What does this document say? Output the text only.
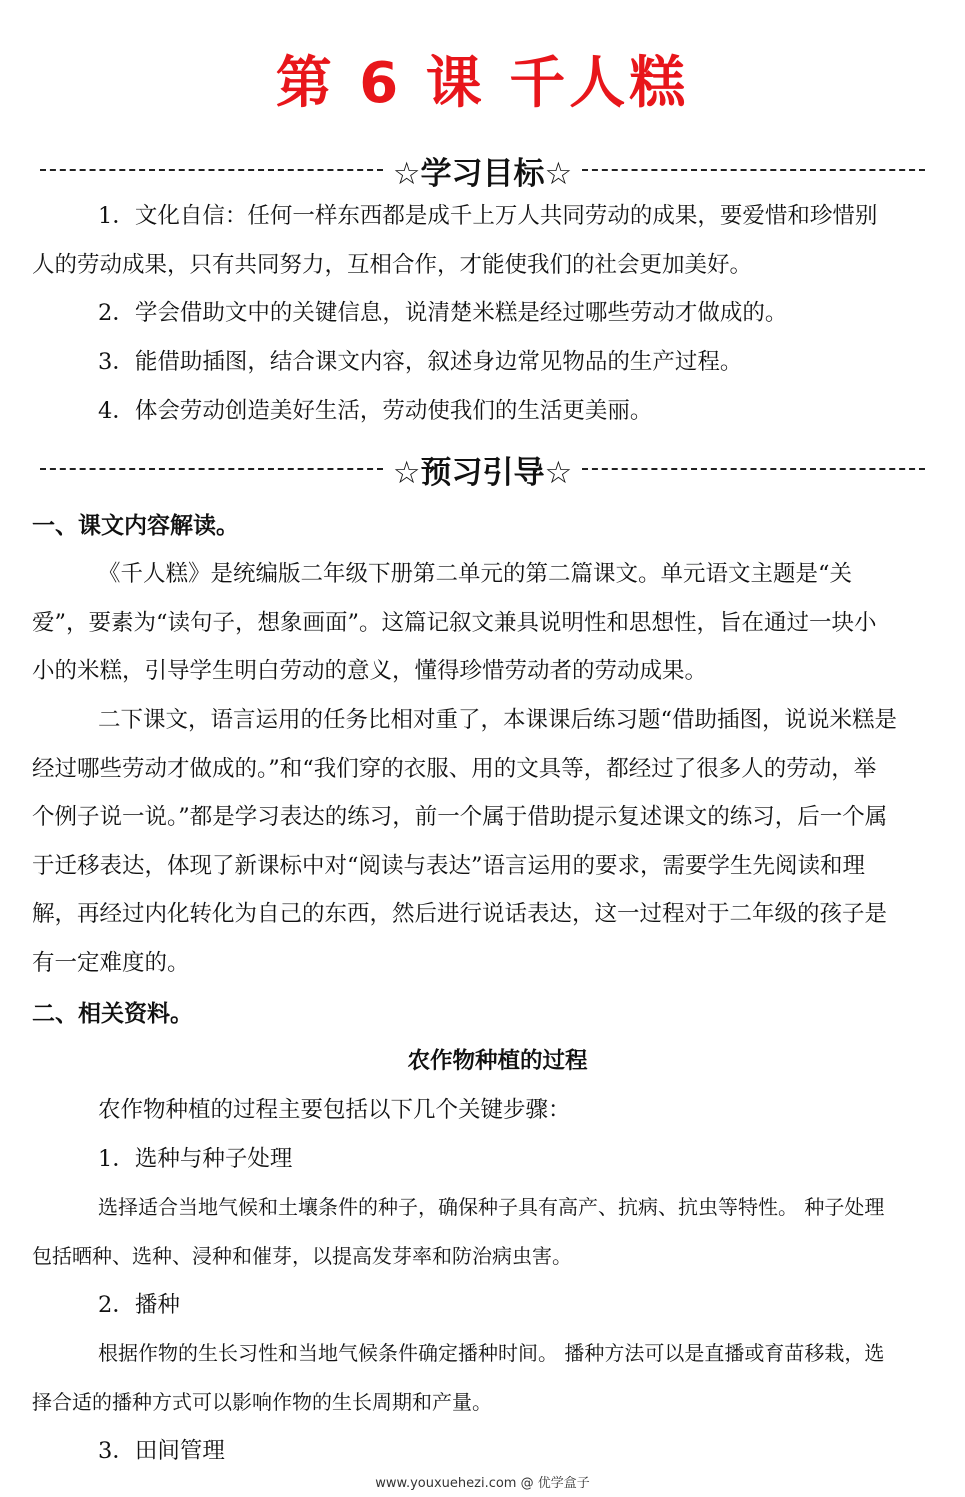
第 6 课 千人糕
☆学习目标☆
1．文化自信：任何一样东西都是成千上万人共同劳动的成果，要爱惜和珍惜别人的劳动成果，只有共同努力，互相合作，才能使我们的社会更加美好。
2．学会借助文中的关键信息，说清楚米糕是经过哪些劳动才做成的。
3．能借助插图，结合课文内容，叙述身边常见物品的生产过程。
4．体会劳动创造美好生活，劳动使我们的生活更美丽。
☆预习引导☆
一、课文内容解读。
《千人糕》是统编版二年级下册第二单元的第二篇课文。单元语文主题是“关爱”，要素为“读句子，想象画面”。这篇记叙文兼具说明性和思想性，旨在通过一块小小的米糕，引导学生明白劳动的意义，懂得珍惜劳动者的劳动成果。
二下课文，语言运用的任务比相对重了，本课课后练习题“借助插图，说说米糕是经过哪些劳动才做成的。”和“我们穿的衣服、用的文具等，都经过了很多人的劳动，举个例子说一说。”都是学习表达的练习，前一个属于借助提示复述课文的练习，后一个属于迁移表达，体现了新课标中对“阅读与表达”语言运用的要求，需要学生先阅读和理解，再经过内化转化为自己的东西，然后进行说话表达，这一过程对于二年级的孩子是有一定难度的。
二、相关资料。
农作物种植的过程
农作物种植的过程主要包括以下几个关键步骤：
1．选种与种子处理
选择适合当地气候和土壤条件的种子，确保种子具有高产、抗病、抗虫等特性。 种子处理包括晒种、选种、浸种和催芽，以提高发芽率和防治病虫害。
2．播种
根据作物的生长习性和当地气候条件确定播种时间。 播种方法可以是直播或育苗移栽，选择合适的播种方式可以影响作物的生长周期和产量。
3．田间管理
www.youxuehezi.com @ 优学盒子
